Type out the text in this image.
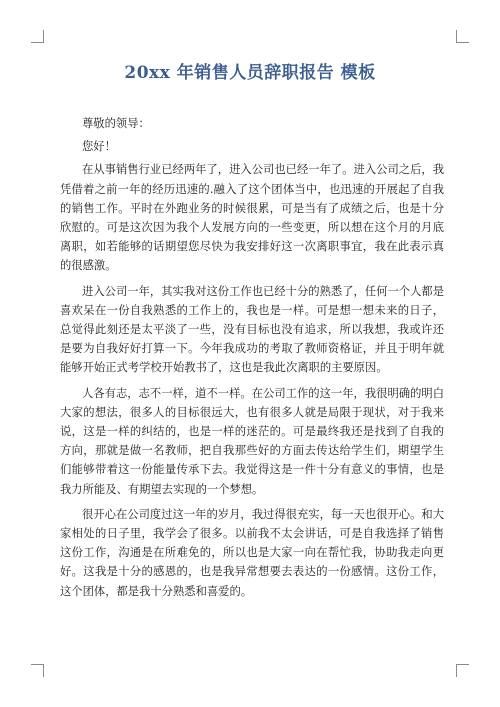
20xx 年销售人员辞职报告 模板

尊敬的领导：

您好！

在从事销售行业已经两年了，进入公司也已经一年了。进入公司之后，我凭借着之前一年的经历迅速的.融入了这个团体当中，也迅速的开展起了自我的销售工作。平时在外跑业务的时候很累，可是当有了成绩之后，也是十分欣慰的。可是这次因为我个人发展方向的一些变更，所以想在这个月的月底离职，如若能够的话期望您尽快为我安排好这一次离职事宜，我在此表示真的很感激。

进入公司一年，其实我对这份工作也已经十分的熟悉了，任何一个人都是喜欢呆在一份自我熟悉的工作上的，我也是一样。可是想一想未来的日子，总觉得此刻还是太平淡了一些，没有目标也没有追求，所以我想，我或许还是要为自我好好打算一下。今年我成功的考取了教师资格证，并且于明年就能够开始正式考学校开始教书了，这也是我此次离职的主要原因。

人各有志，志不一样，道不一样。在公司工作的这一年，我很明确的明白大家的想法，很多人的目标很远大，也有很多人就是局限于现状，对于我来说，这是一样的纠结的，也是一样的迷茫的。可是最终我还是找到了自我的方向，那就是做一名教师，把自我那些好的方面去传达给学生们，期望学生们能够带着这一份能量传承下去。我觉得这是一件十分有意义的事情，也是我力所能及、有期望去实现的一个梦想。

很开心在公司度过这一年的岁月，我过得很充实，每一天也很开心。和大家相处的日子里，我学会了很多。以前我不太会讲话，可是自我选择了销售这份工作，沟通是在所难免的，所以也是大家一向在帮忙我，协助我走向更好。这我是十分的感恩的，也是我异常想要去表达的一份感情。这份工作，这个团体，都是我十分熟悉和喜爱的。
